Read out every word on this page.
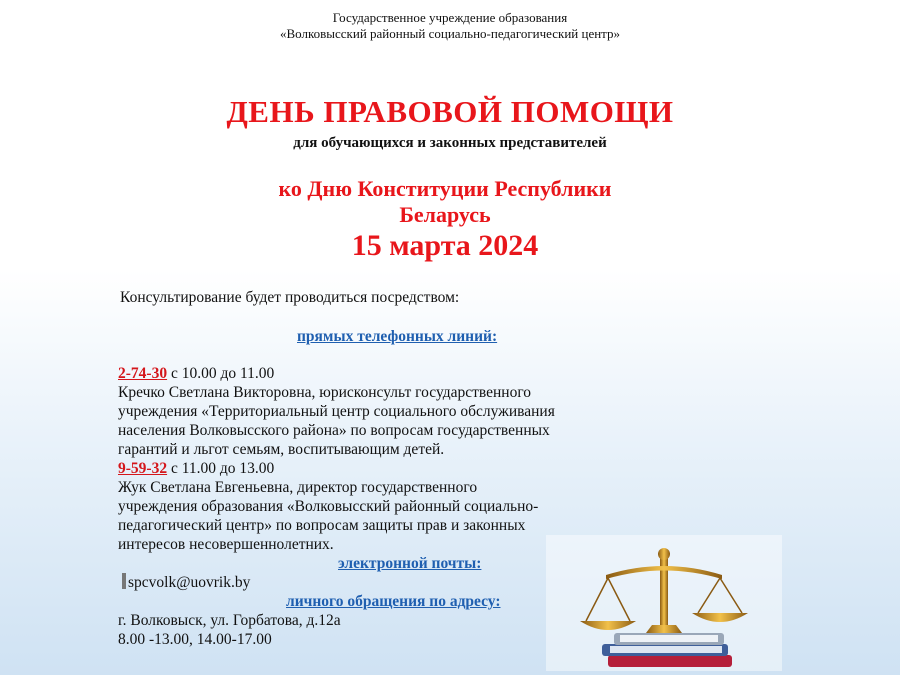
Государственное учреждение образования
«Волковысский районный социально-педагогический центр»
ДЕНЬ ПРАВОВОЙ ПОМОЩИ
для обучающихся и законных представителей
ко Дню Конституции Республики
Беларусь
15 марта 2024
Консультирование будет проводиться посредством:
прямых телефонных линий:
2-74-30 с 10.00 до 11.00
Кречко Светлана Викторовна, юрисконсульт государственного
учреждения «Территориальный центр социального обслуживания
населения Волковысского района» по вопросам государственных
гарантий и льгот семьям, воспитывающим детей.
9-59-32 с 11.00 до 13.00
Жук Светлана Евгеньевна, директор государственного
учреждения образования «Волковысский районный социально-
педагогический центр» по вопросам защиты прав и законных
интересов несовершеннолетних.
электронной почты:
spcvolk@uovrik.by
личного обращения по адресу:
г. Волковыск, ул. Горбатова, д.12а
8.00 -13.00, 14.00-17.00
